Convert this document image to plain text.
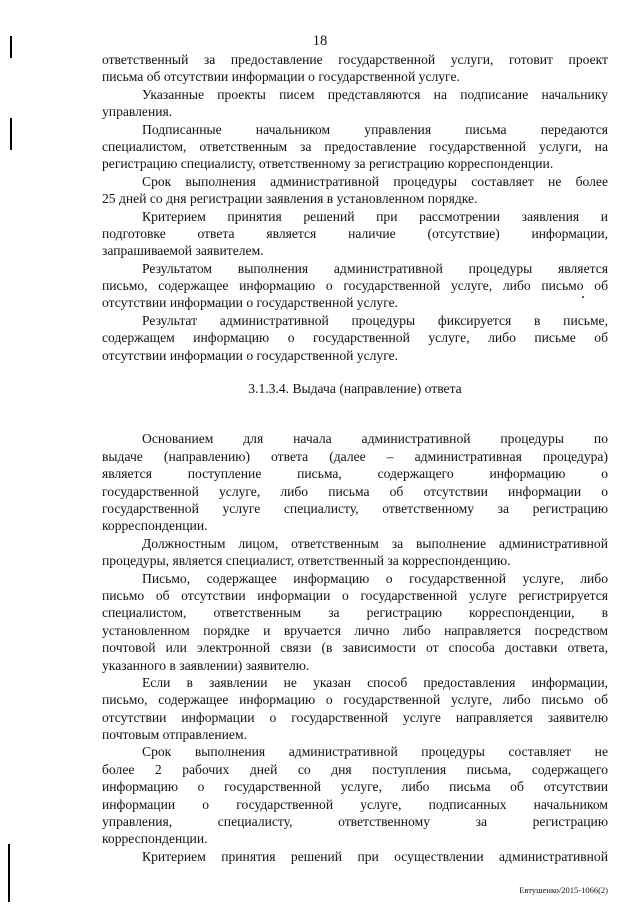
18
ответственный за предоставление государственной услуги, готовит проект
письма об отсутствии информации о государственной услуге.
Указанные проекты писем представляются на подписание начальнику
управления.
Подписанные начальником управления письма передаются
специалистом, ответственным за предоставление государственной услуги, на
регистрацию специалисту, ответственному за регистрацию корреспонденции.
Срок выполнения административной процедуры составляет не более
25 дней со дня регистрации заявления в установленном порядке.
Критерием принятия решений при рассмотрении заявления и
подготовке ответа является наличие (отсутствие) информации,
запрашиваемой заявителем.
Результатом выполнения административной процедуры является
письмо, содержащее информацию о государственной услуге, либо письмо об
отсутствии информации о государственной услуге.
Результат административной процедуры фиксируется в письме,
содержащем информацию о государственной услуге, либо письме об
отсутствии информации о государственной услуге.
3.1.3.4. Выдача (направление) ответа
Основанием для начала административной процедуры по
выдаче (направлению) ответа (далее – административная процедура)
является поступление письма, содержащего информацию о
государственной услуге, либо письма об отсутствии информации о
государственной услуге специалисту, ответственному за регистрацию
корреспонденции.
Должностным лицом, ответственным за выполнение административной
процедуры, является специалист, ответственный за корреспонденцию.
Письмо, содержащее информацию о государственной услуге, либо
письмо об отсутствии информации о государственной услуге регистрируется
специалистом, ответственным за регистрацию корреспонденции, в
установленном порядке и вручается лично либо направляется посредством
почтовой или электронной связи (в зависимости от способа доставки ответа,
указанного в заявлении) заявителю.
Если в заявлении не указан способ предоставления информации,
письмо, содержащее информацию о государственной услуге, либо письмо об
отсутствии информации о государственной услуге направляется заявителю
почтовым отправлением.
Срок выполнения административной процедуры составляет не
более 2 рабочих дней со дня поступления письма, содержащего
информацию о государственной услуге, либо письма об отсутствии
информации о государственной услуге, подписанных начальником
управления, специалисту, ответственному за регистрацию
корреспонденции.
Критерием принятия решений при осуществлении административной
Евтушенко/2015-1066(2)
